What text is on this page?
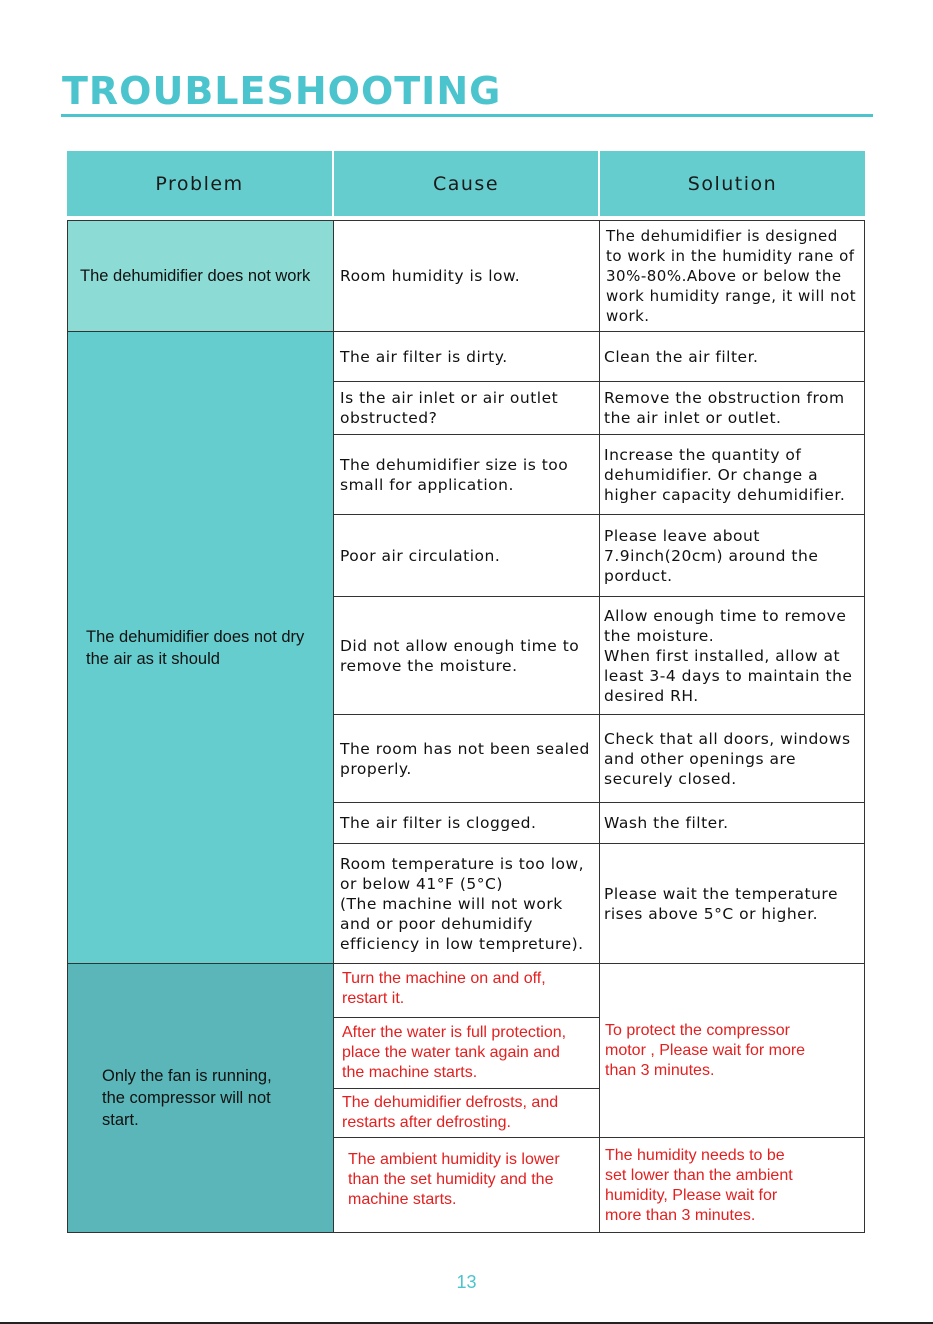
TROUBLESHOOTING
Problem	Cause	Solution
The dehumidifier does not work
The dehumidifier does not dry
the air as it should
Only the fan is running,
the compressor will not
start.
Room humidity is low.
The air filter is dirty.
Is the air inlet or air outlet
obstructed?
The dehumidifier size is too
small for application.
Poor air circulation.
Did not allow enough time to
remove the moisture.
The room has not been sealed
properly.
The air filter is clogged.
Room temperature is too low,
or below 41°F (5°C)
(The machine will not work
and or poor dehumidify
efficiency in low tempreture).
Turn the machine on and off,
restart it.
After the water is full protection,
place the water tank again and
the machine starts.
The dehumidifier defrosts, and
restarts after defrosting.
The ambient humidity is lower
than the set humidity and the
machine starts.
The dehumidifier is designed
to work in the humidity rane of
30%-80%.Above or below the
work humidity range, it will not
work.
Clean the air filter.
Remove the obstruction from
the air inlet or outlet.
Increase the quantity of
dehumidifier. Or change a
higher capacity dehumidifier.
Please leave about
7.9inch(20cm) around the
porduct.
Allow enough time to remove
the moisture.
When first installed, allow at
least 3-4 days to maintain the
desired RH.
Check that all doors, windows
and other openings are
securely closed.
Wash the filter.
Please wait the temperature
rises above 5°C or higher.
To protect the compressor
motor , Please wait for more
than 3 minutes.
The humidity needs to be
set lower than the ambient
humidity, Please wait for
more than 3 minutes.
13
